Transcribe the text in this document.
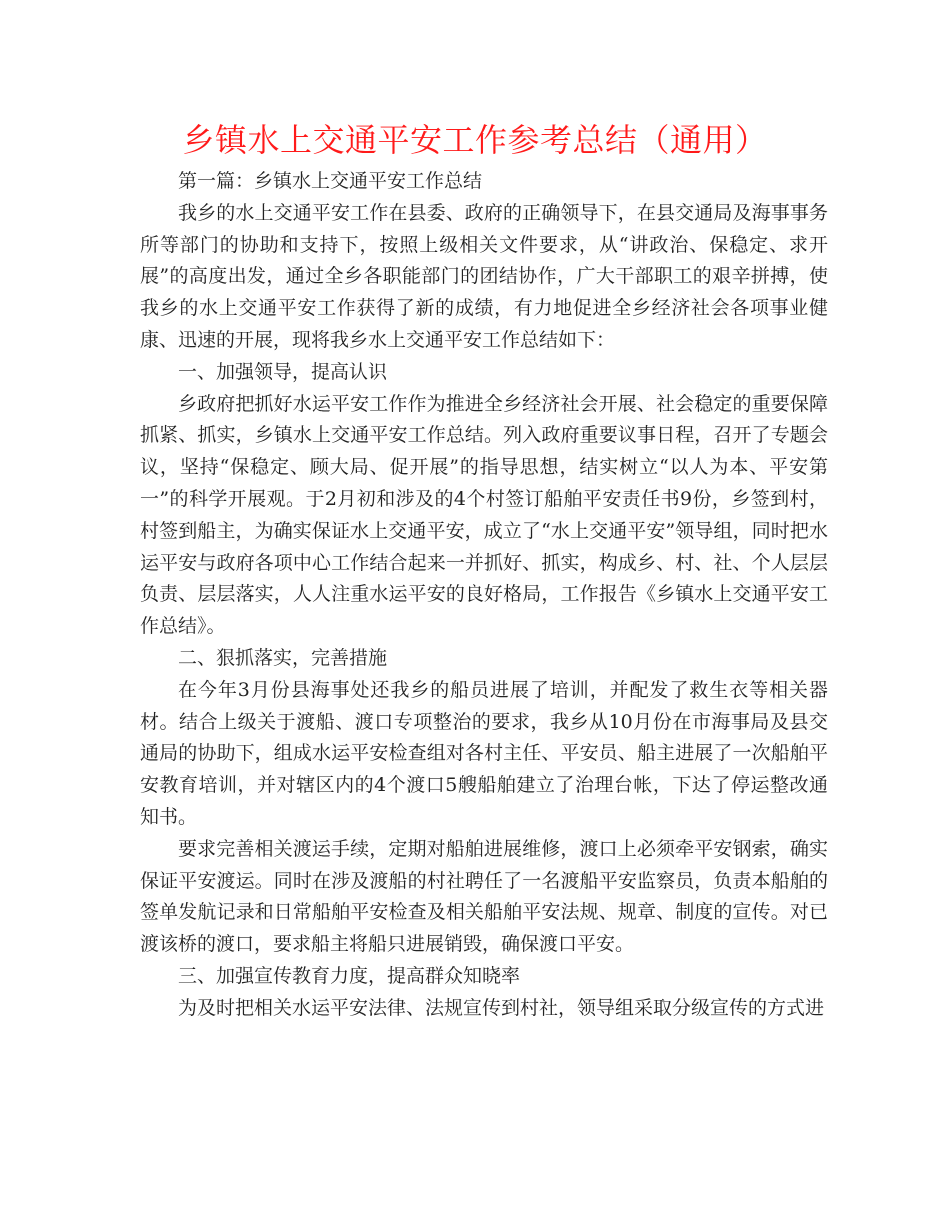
乡镇水上交通平安工作参考总结（通用）

第一篇：乡镇水上交通平安工作总结

我乡的水上交通平安工作在县委、政府的正确领导下，在县交通局及海事事务所等部门的协助和支持下，按照上级相关文件要求，从“讲政治、保稳定、求开展”的高度出发，通过全乡各职能部门的团结协作，广大干部职工的艰辛拼搏，使我乡的水上交通平安工作获得了新的成绩，有力地促进全乡经济社会各项事业健康、迅速的开展，现将我乡水上交通平安工作总结如下：

一、加强领导，提高认识

乡政府把抓好水运平安工作作为推进全乡经济社会开展、社会稳定的重要保障抓紧、抓实，乡镇水上交通平安工作总结。列入政府重要议事日程，召开了专题会议，坚持“保稳定、顾大局、促开展”的指导思想，结实树立“以人为本、平安第一”的科学开展观。于2月初和涉及的4个村签订船舶平安责任书9份，乡签到村，村签到船主，为确实保证水上交通平安，成立了“水上交通平安”领导组，同时把水运平安与政府各项中心工作结合起来一并抓好、抓实，构成乡、村、社、个人层层负责、层层落实，人人注重水运平安的良好格局，工作报告《乡镇水上交通平安工作总结》。

二、狠抓落实，完善措施

在今年3月份县海事处还我乡的船员进展了培训，并配发了救生衣等相关器材。结合上级关于渡船、渡口专项整治的要求，我乡从10月份在市海事局及县交通局的协助下，组成水运平安检查组对各村主任、平安员、船主进展了一次船舶平安教育培训，并对辖区内的4个渡口5艘船舶建立了治理台帐，下达了停运整改通知书。

要求完善相关渡运手续，定期对船舶进展维修，渡口上必须牵平安钢索，确实保证平安渡运。同时在涉及渡船的村社聘任了一名渡船平安监察员，负责本船舶的签单发航记录和日常船舶平安检查及相关船舶平安法规、规章、制度的宣传。对已渡该桥的渡口，要求船主将船只进展销毁，确保渡口平安。

三、加强宣传教育力度，提高群众知晓率

为及时把相关水运平安法律、法规宣传到村社，领导组采取分级宣传的方式进
